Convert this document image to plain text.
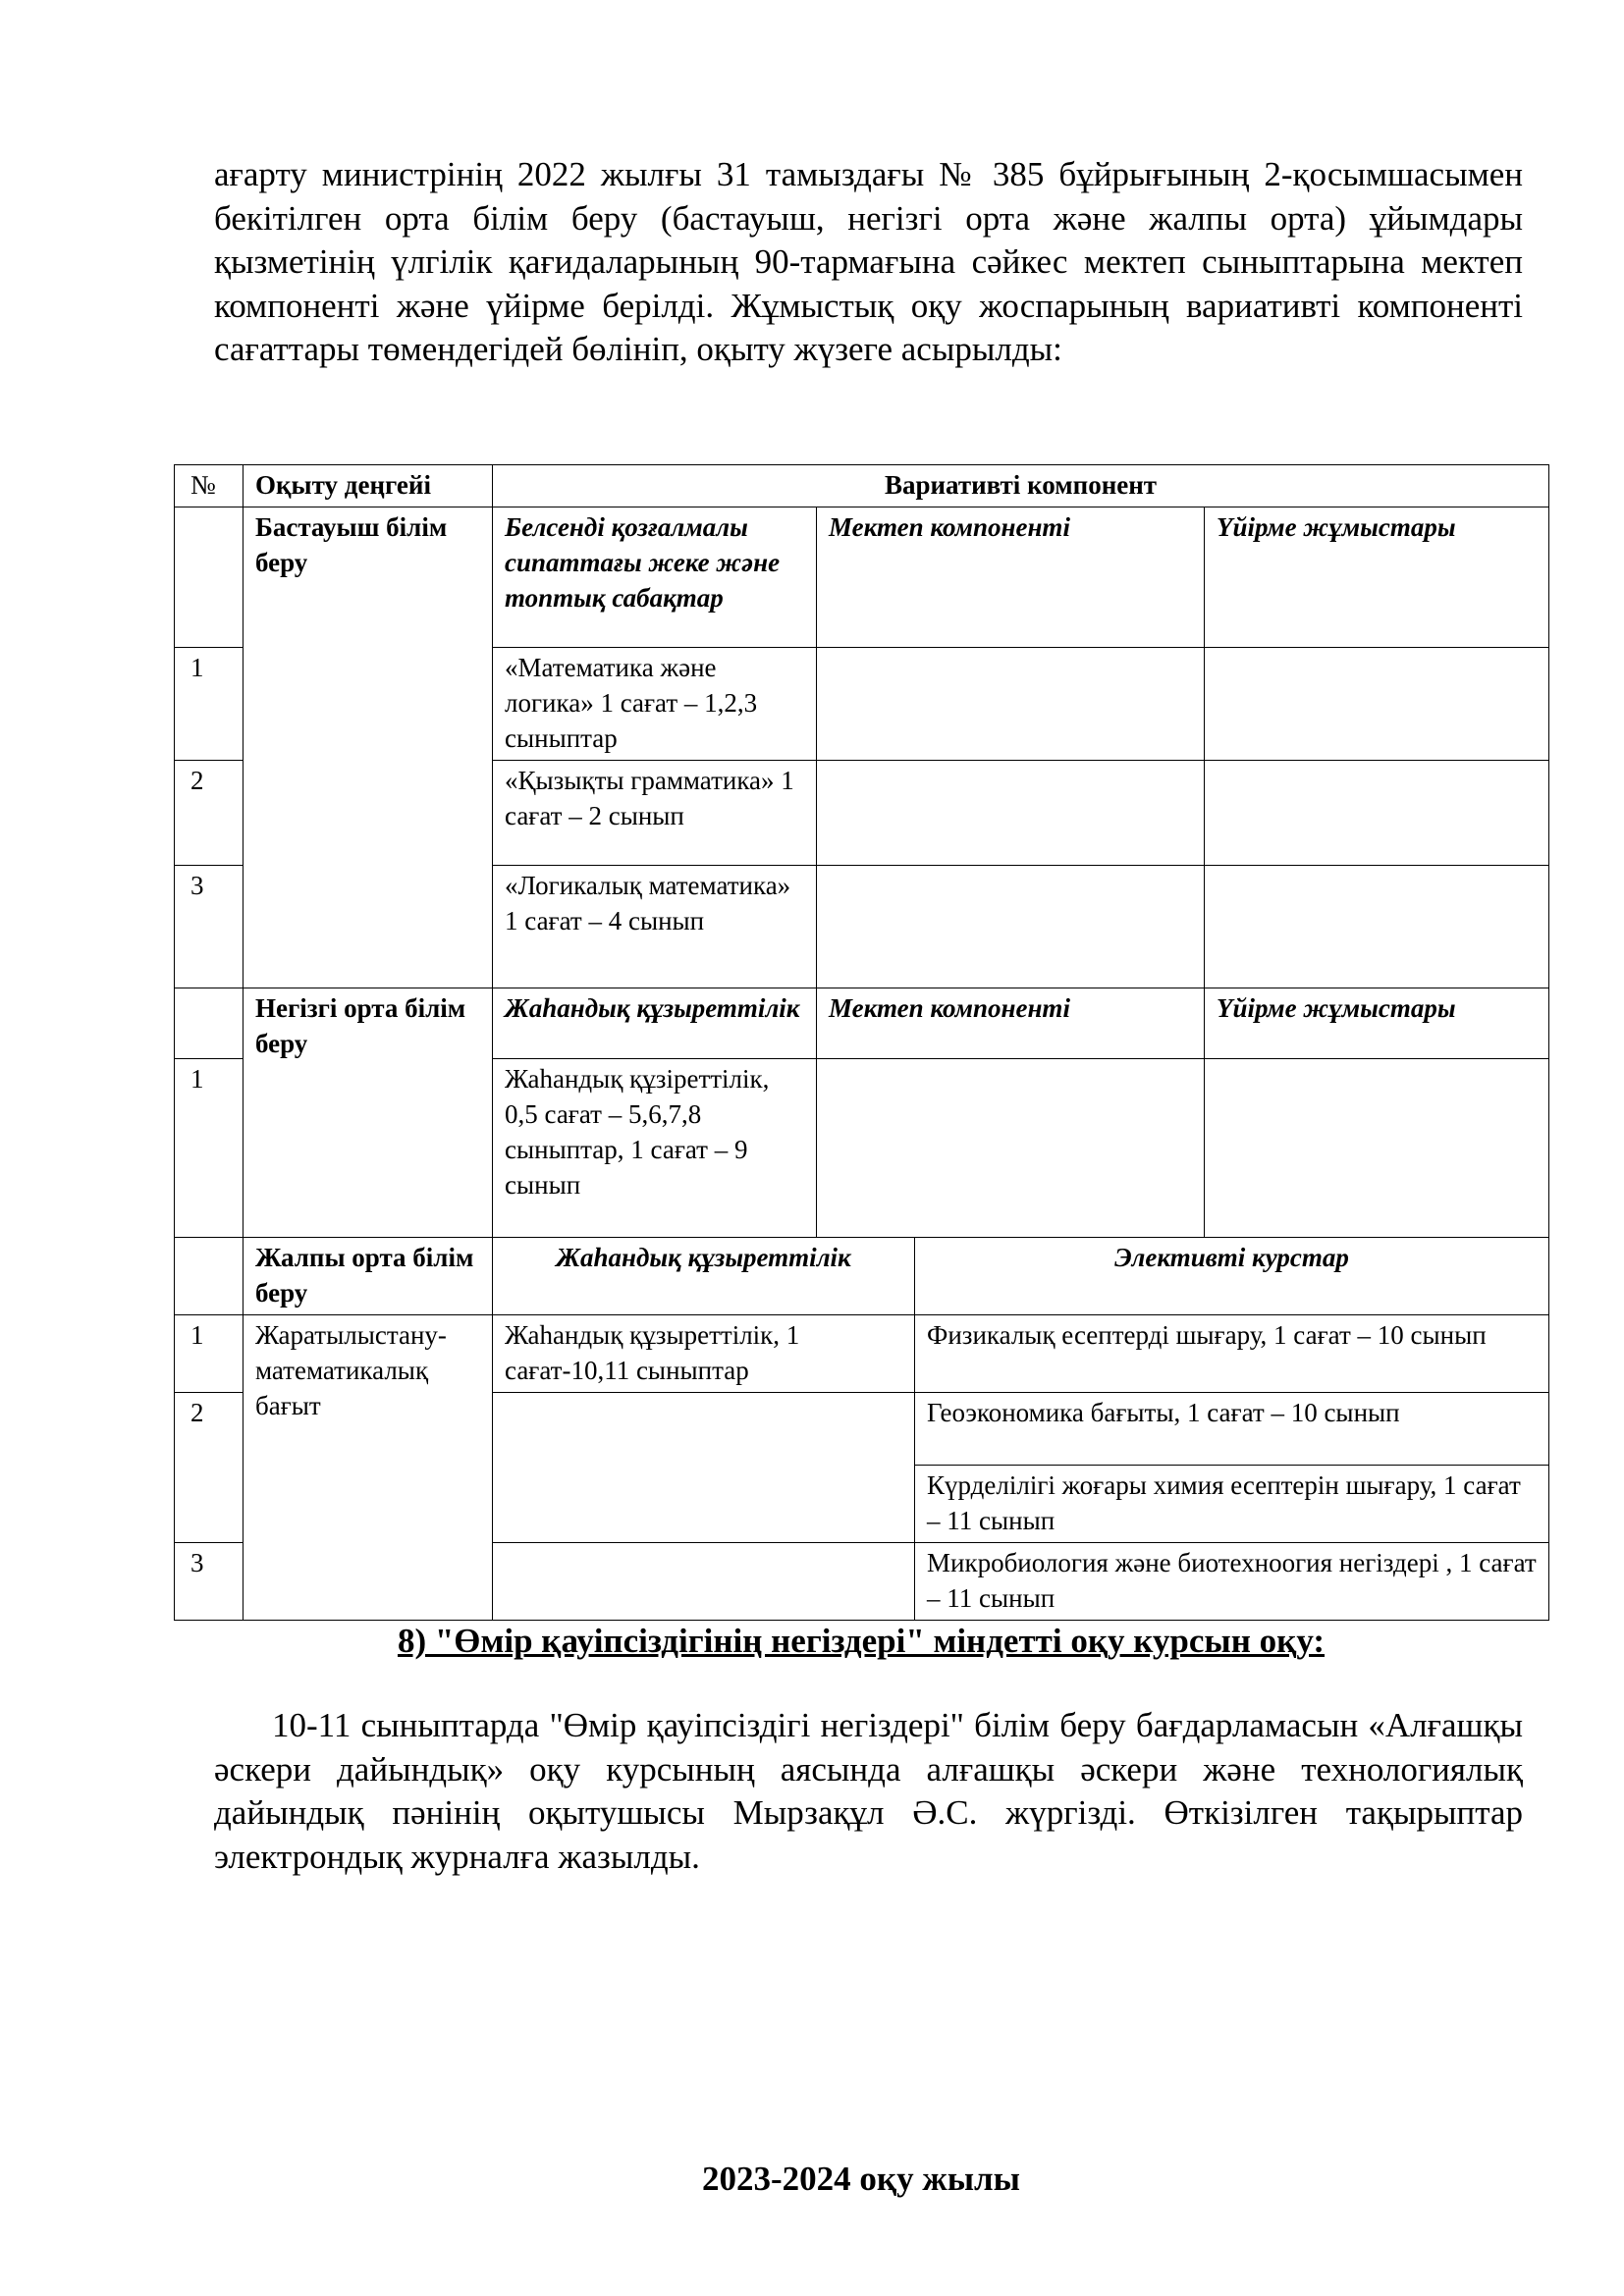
ағарту министрінің 2022 жылғы 31 тамыздағы № 385 бұйрығының 2-қосымшасымен бекітілген орта білім беру (бастауыш, негізгі орта және жалпы орта) ұйымдары қызметінің үлгілік қағидаларының 90-тармағына сәйкес мектеп сыныптарына мектеп компоненті және үйірме берілді. Жұмыстық оқу жоспарының вариативті компоненті сағаттары төмендегідей бөлініп, оқыту жүзеге асырылды:

№	Оқыту деңгейі	Вариативті компонент			
	Бастауыш білім беру	Белсенді қозғалмалы сипаттағы жеке және топтық сабақтар	Мектеп компоненті		Үйірме жұмыстары
1		«Математика және логика» 1 сағат – 1,2,3 сыныптар			
2		«Қызықты грамматика» 1 сағат – 2 сынып			
3		«Логикалық математика» 1 сағат – 4 сынып			
	Негізгі орта білім беру	Жаһандық құзыреттілік	Мектеп компоненті		Үйірме жұмыстары
1		Жаһандық құзіреттілік, 0,5 сағат – 5,6,7,8 сыныптар, 1 сағат – 9 сынып			
	Жалпы орта білім беру	Жаһандық құзыреттілік		Элективті курстар	
1	Жаратылыстану-математикалық бағыт	Жаһандық құзыреттілік, 1 сағат-10,11 сыныптар		Физикалық есептерді шығару, 1 сағат – 10 сынып	
2				Геоэкономика бағыты, 1 сағат – 10 сынып	
				Күрделілігі жоғары химия есептерін шығару, 1 сағат – 11 сынып	
3				Микробиология және биотехноогия негіздері , 1 сағат – 11 сынып	
8) "Өмір қауіпсіздігінің негіздері" міндетті оқу курсын оқу:

10-11 сыныптарда "Өмір қауіпсіздігі негіздері" білім беру бағдарламасын «Алғашқы әскери дайындық» оқу курсының аясында алғашқы әскери және технологиялық дайындық пәнінің оқытушысы Мырзақұл Ә.С. жүргізді. Өткізілген тақырыптар электрондық журналға жазылды.

2023-2024 оқу жылы
